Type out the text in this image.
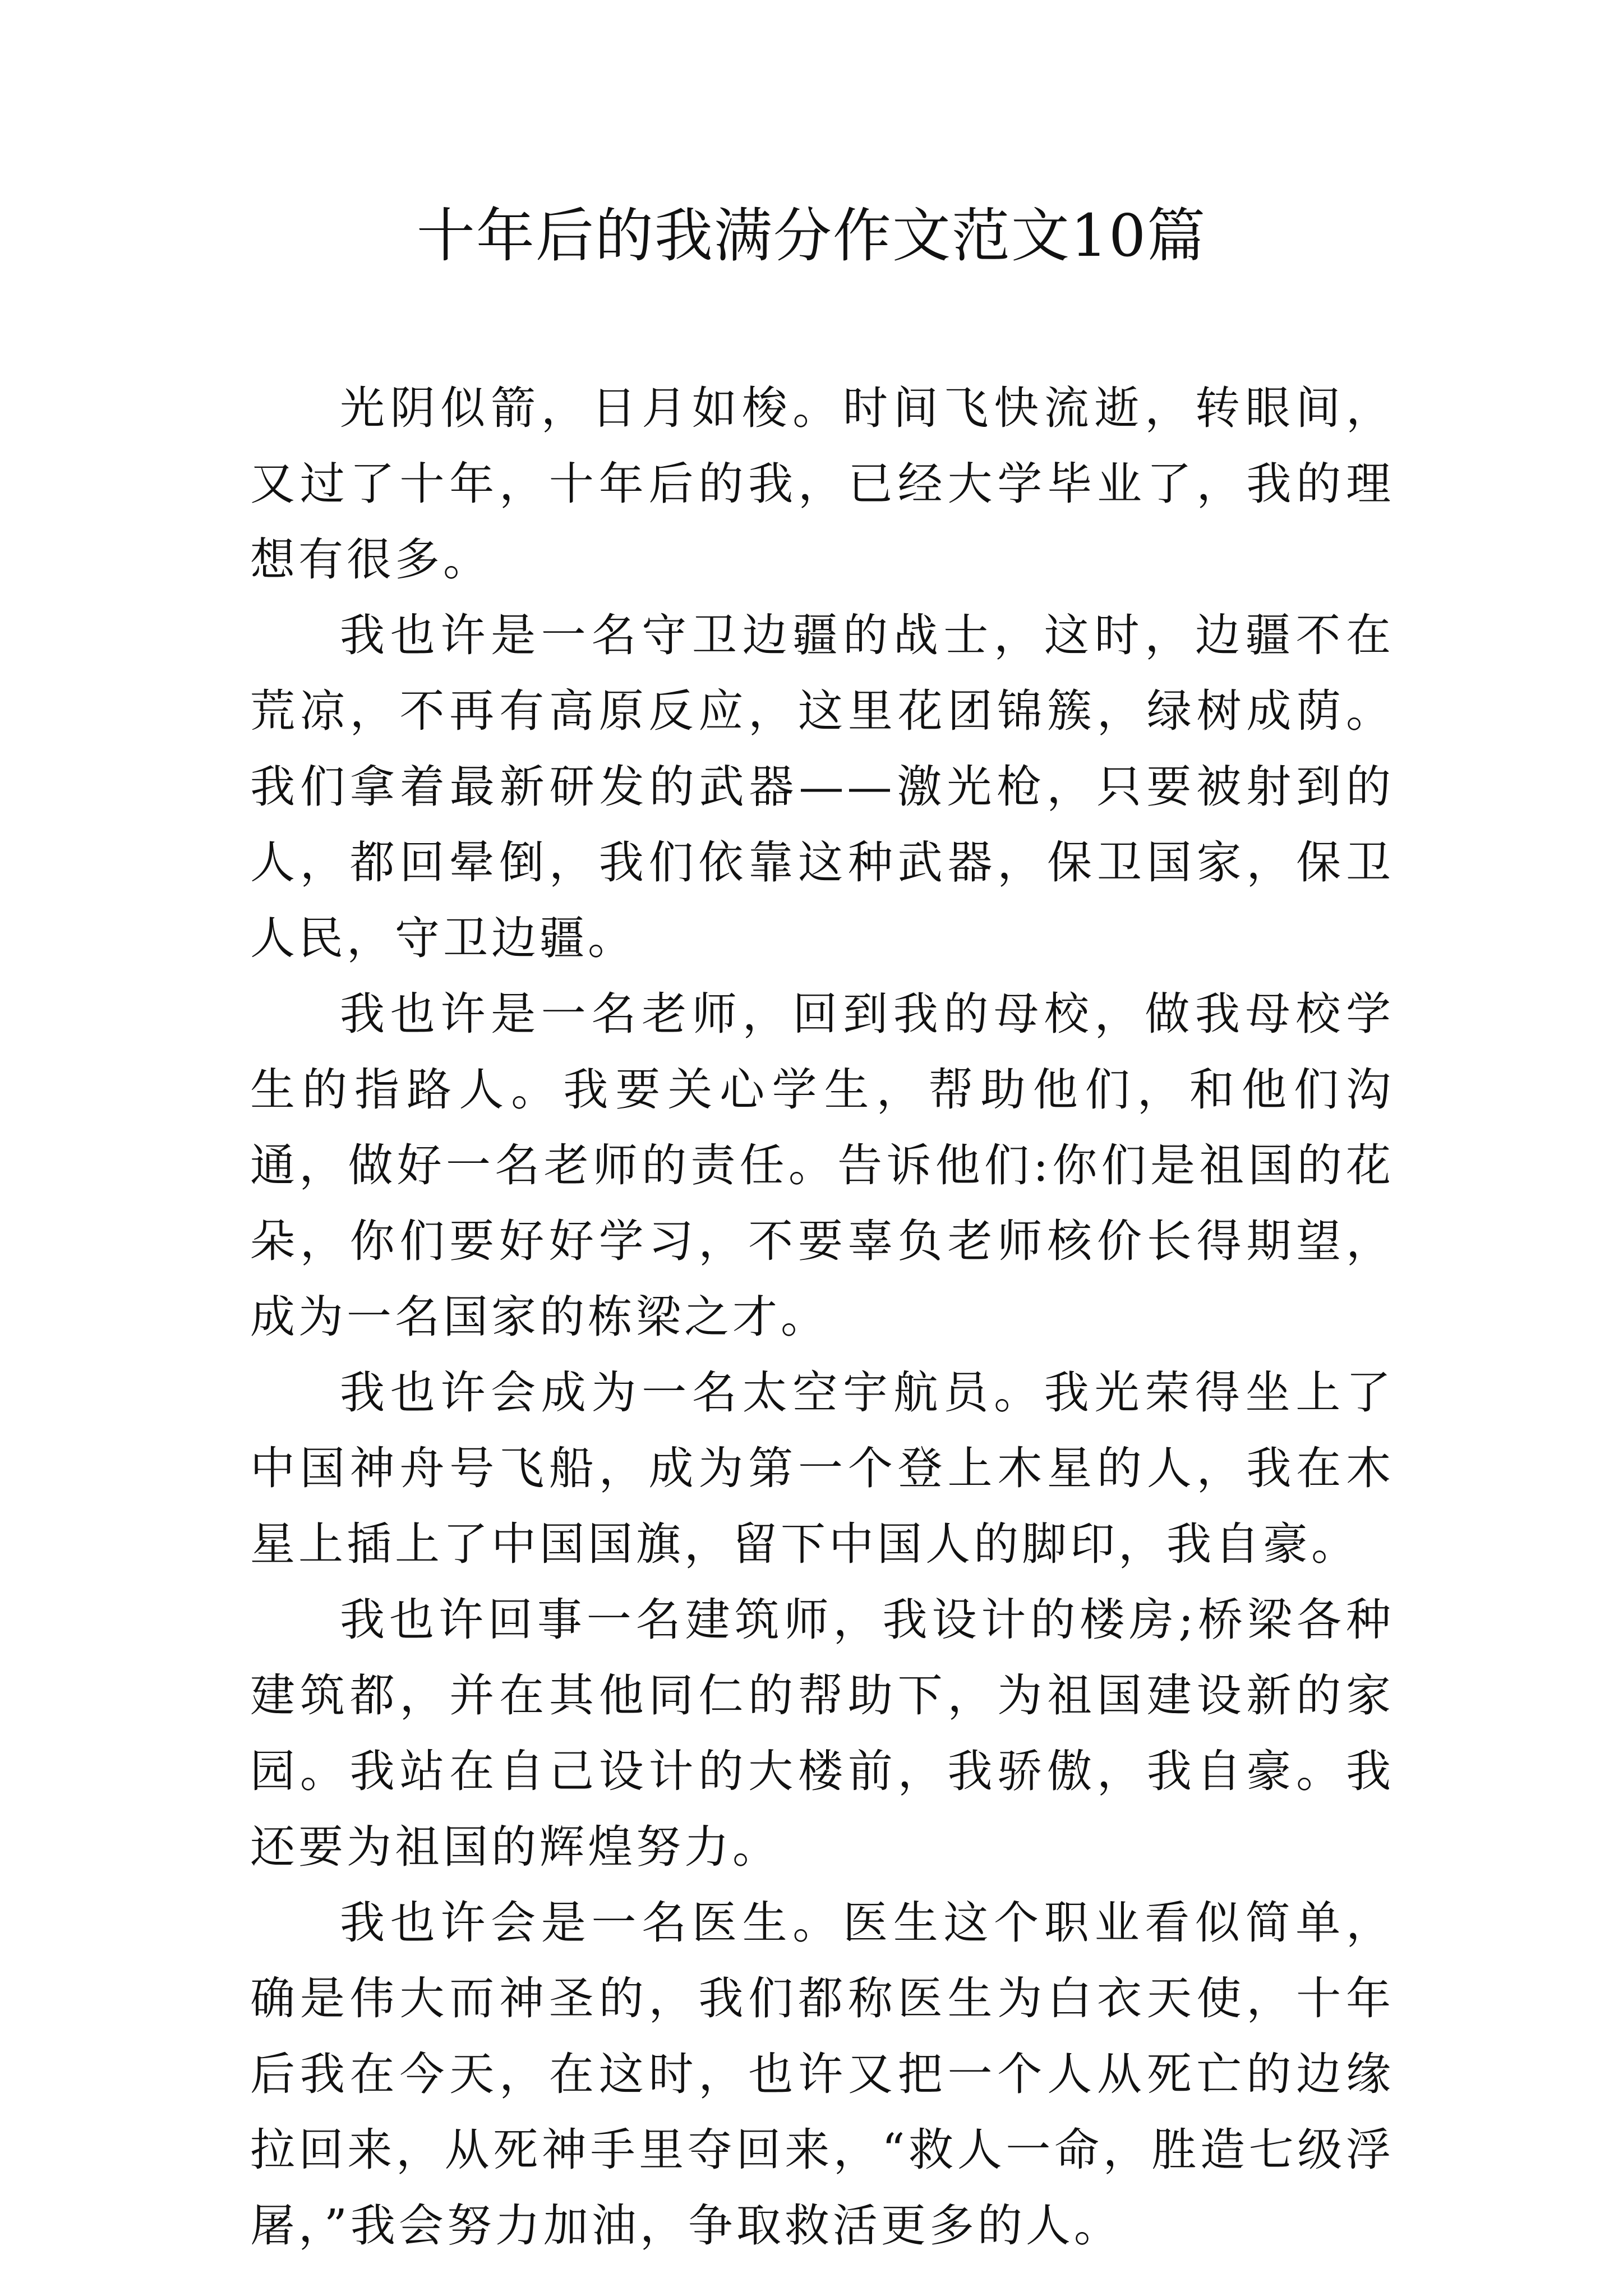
十年后的我满分作文范文10篇

光阴似箭，日月如梭。时间飞快流逝，转眼间，又过了十年，十年后的我，已经大学毕业了，我的理想有很多。

我也许是一名守卫边疆的战士，这时，边疆不在荒凉，不再有高原反应，这里花团锦簇，绿树成荫。我们拿着最新研发的武器——激光枪，只要被射到的人，都回晕倒，我们依靠这种武器，保卫国家，保卫人民，守卫边疆。

我也许是一名老师，回到我的母校，做我母校学生的指路人。我要关心学生，帮助他们，和他们沟通，做好一名老师的责任。告诉他们:你们是祖国的花朵，你们要好好学习，不要辜负老师核价长得期望，成为一名国家的栋梁之才。

我也许会成为一名太空宇航员。我光荣得坐上了中国神舟号飞船，成为第一个登上木星的人，我在木星上插上了中国国旗，留下中国人的脚印，我自豪。

我也许回事一名建筑师，我设计的楼房;桥梁各种建筑都，并在其他同仁的帮助下，为祖国建设新的家园。我站在自己设计的大楼前，我骄傲，我自豪。我还要为祖国的辉煌努力。

我也许会是一名医生。医生这个职业看似简单，确是伟大而神圣的，我们都称医生为白衣天使，十年后我在今天，在这时，也许又把一个人从死亡的边缘拉回来，从死神手里夺回来，“救人一命，胜造七级浮屠，”我会努力加油，争取救活更多的人。
